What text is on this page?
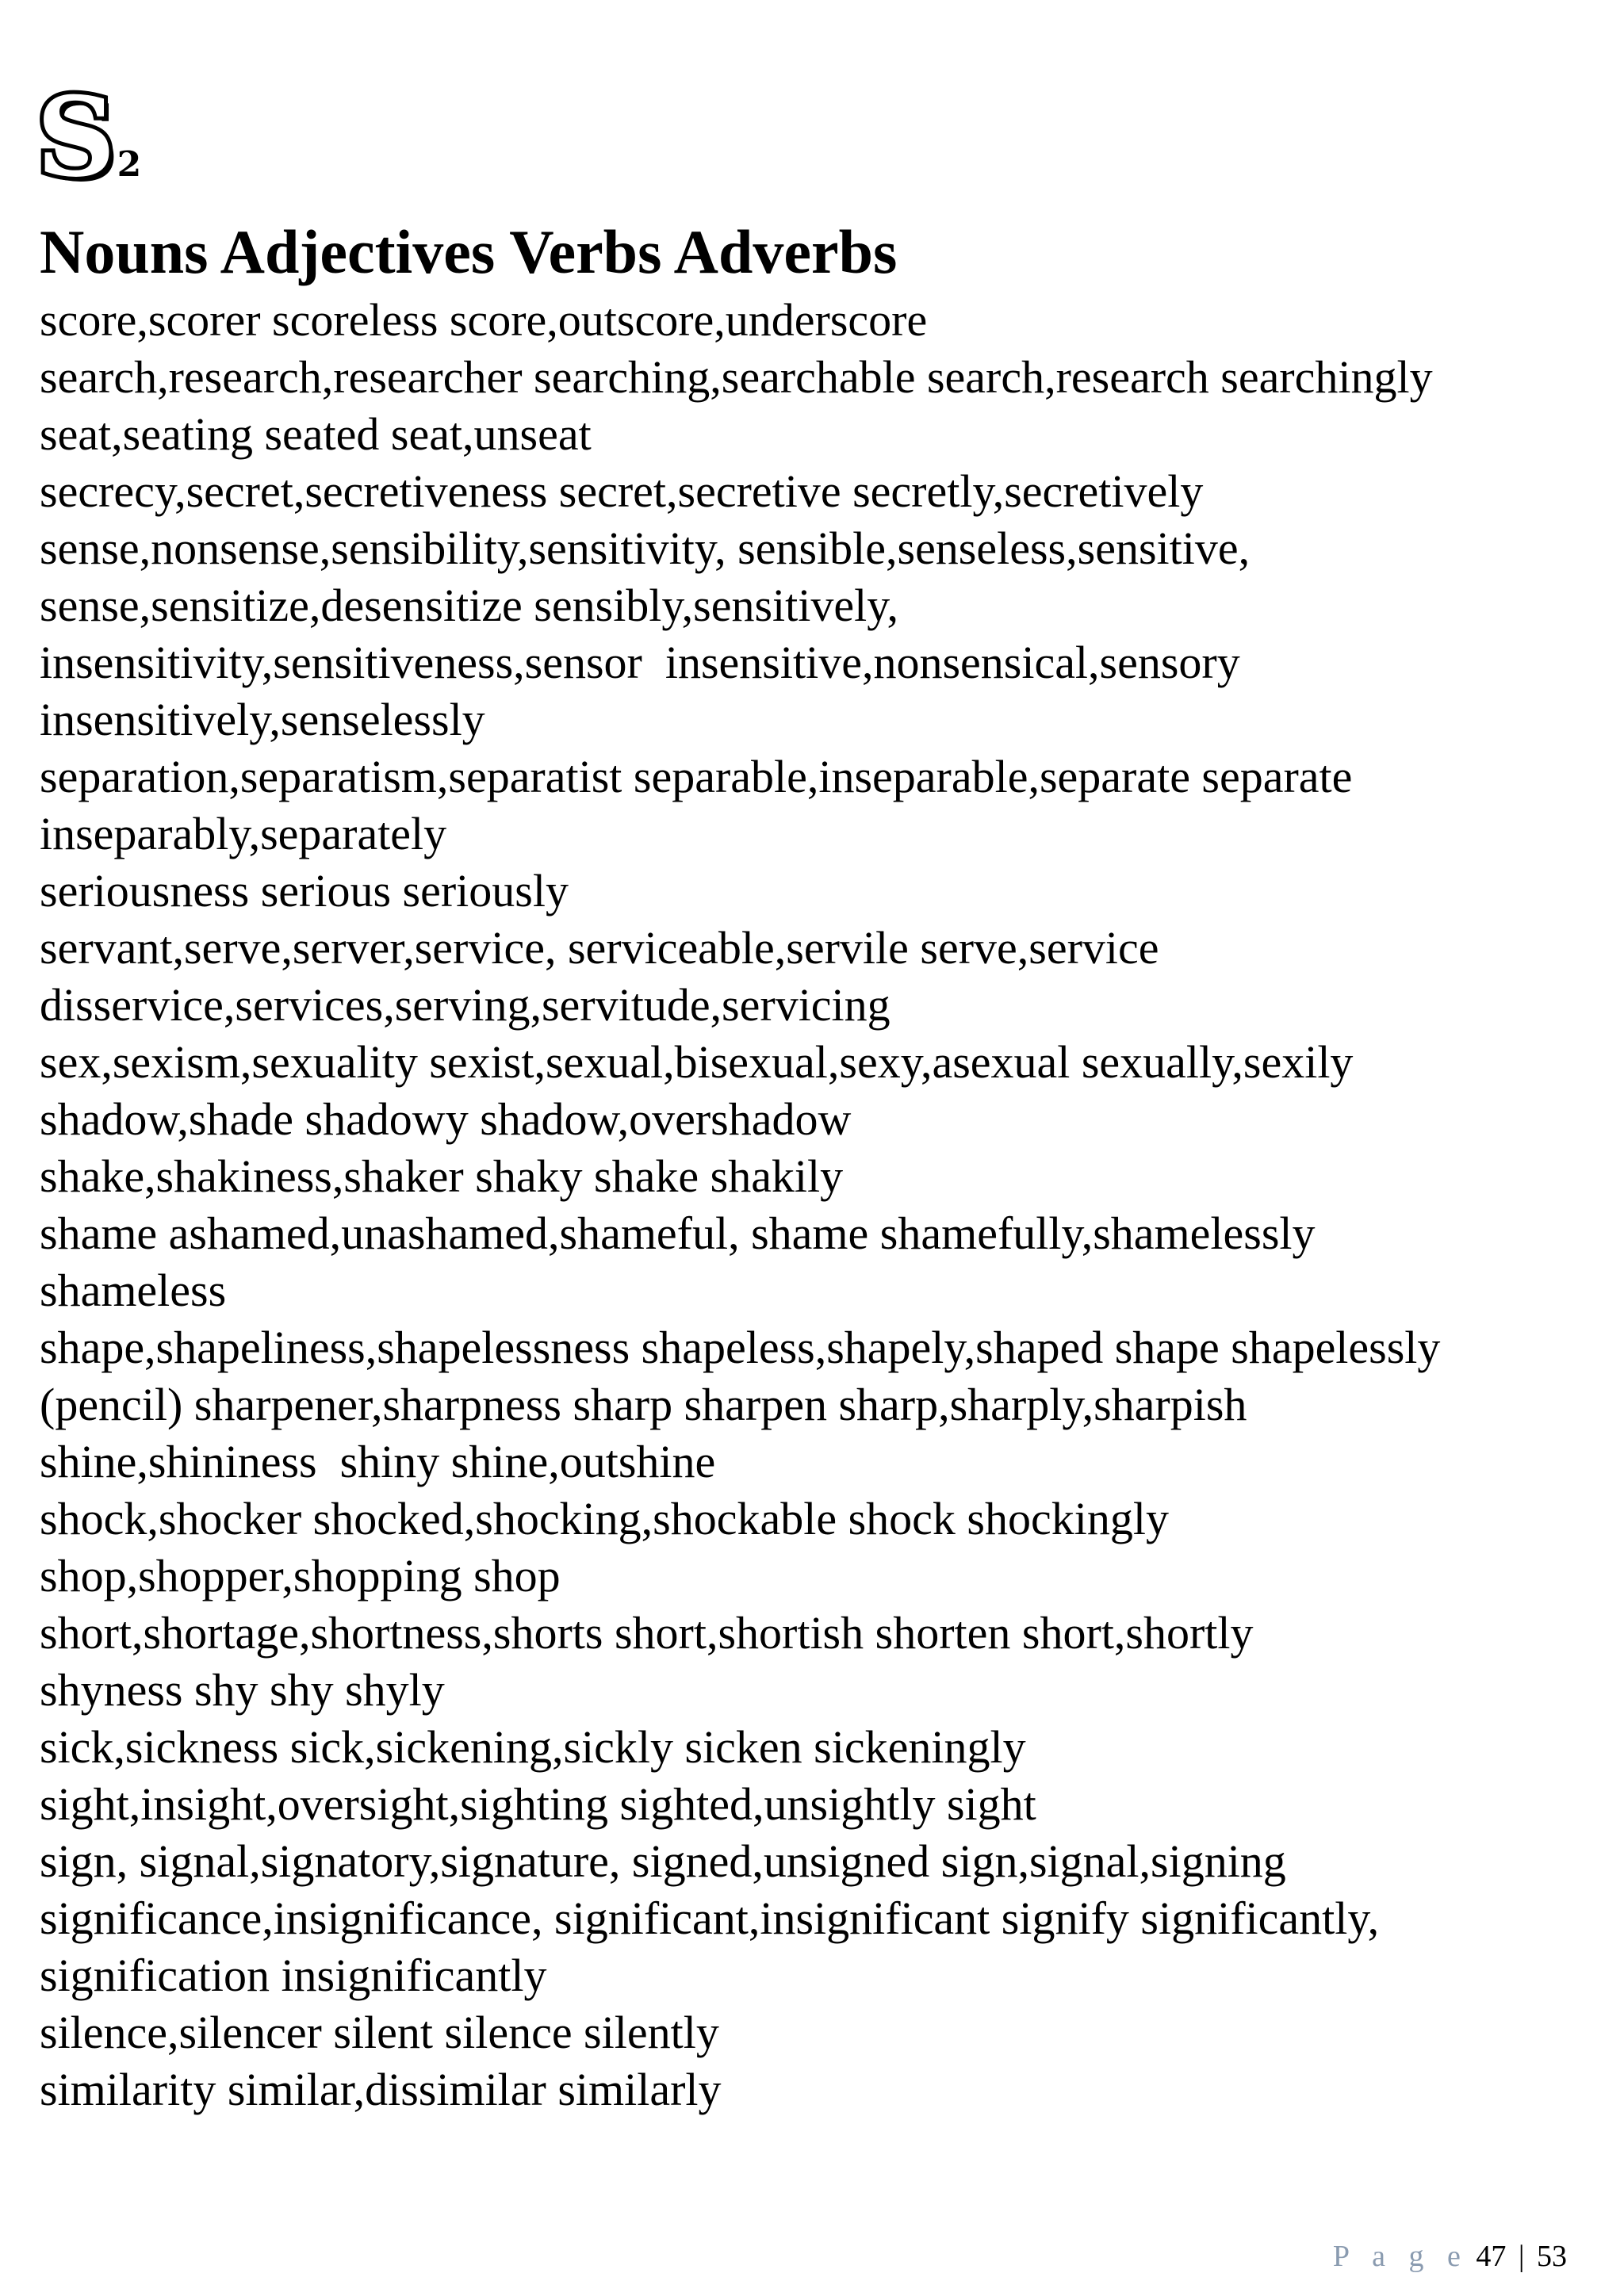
S 2
Nouns Adjectives Verbs Adverbs
score,scorer scoreless score,outscore,underscore
search,research,researcher searching,searchable search,research searchingly
seat,seating seated seat,unseat
secrecy,secret,secretiveness secret,secretive secretly,secretively
sense,nonsense,sensibility,sensitivity, sensible,senseless,sensitive,
sense,sensitize,desensitize sensibly,sensitively,
insensitivity,sensitiveness,sensor  insensitive,nonsensical,sensory
insensitively,senselessly
separation,separatism,separatist separable,inseparable,separate separate
inseparably,separately
seriousness serious seriously
servant,serve,server,service, serviceable,servile serve,service
disservice,services,serving,servitude,servicing
sex,sexism,sexuality sexist,sexual,bisexual,sexy,asexual sexually,sexily
shadow,shade shadowy shadow,overshadow
shake,shakiness,shaker shaky shake shakily
shame ashamed,unashamed,shameful, shame shamefully,shamelessly
shameless
shape,shapeliness,shapelessness shapeless,shapely,shaped shape shapelessly
(pencil) sharpener,sharpness sharp sharpen sharp,sharply,sharpish
shine,shininess  shiny shine,outshine
shock,shocker shocked,shocking,shockable shock shockingly
shop,shopper,shopping shop
short,shortage,shortness,shorts short,shortish shorten short,shortly
shyness shy shy shyly
sick,sickness sick,sickening,sickly sicken sickeningly
sight,insight,oversight,sighting sighted,unsightly sight
sign, signal,signatory,signature, signed,unsigned sign,signal,signing
significance,insignificance, significant,insignificant signify significantly,
signification insignificantly
silence,silencer silent silence silently
similarity similar,dissimilar similarly
P a g e 47 | 53
